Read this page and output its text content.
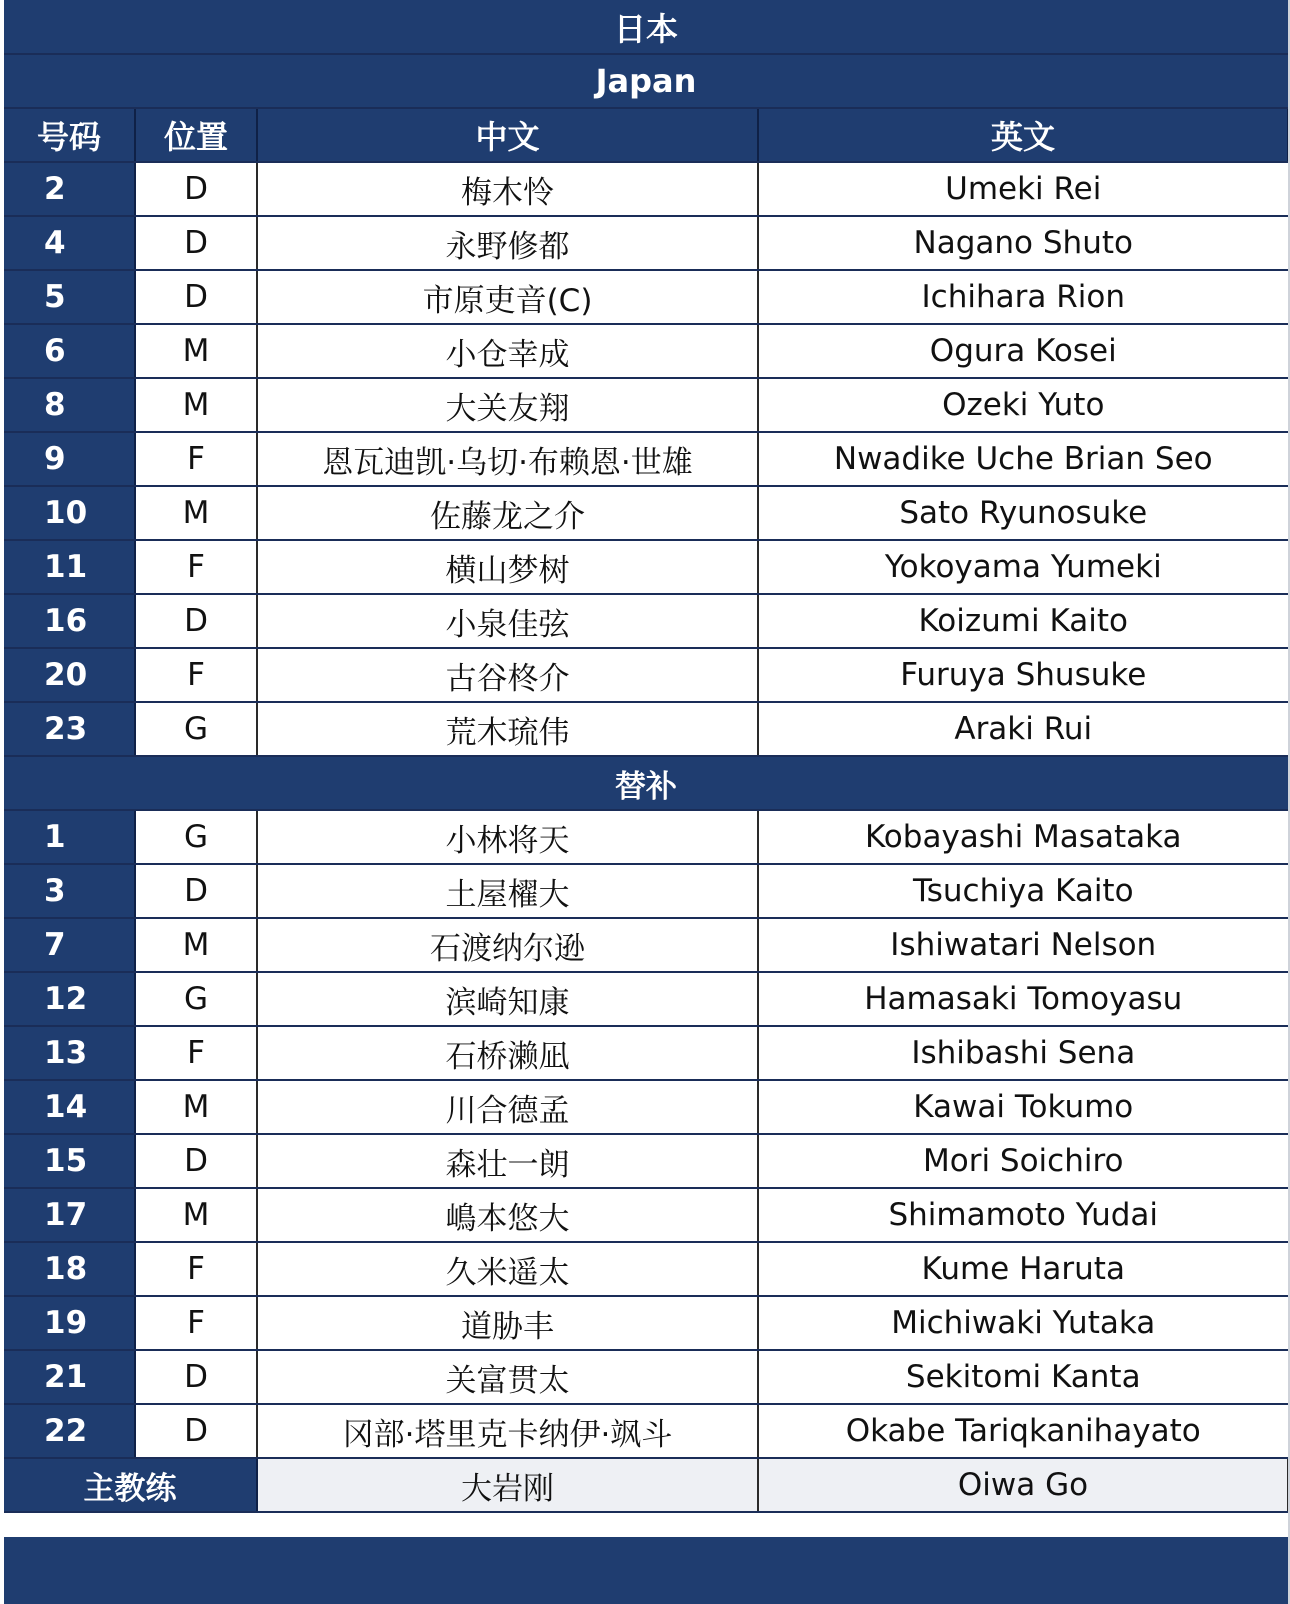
日本			
Japan			
号码	位置	中文	英文
2	D	梅木怜	Umeki Rei
4	D	永野修都	Nagano Shuto
5	D	市原吏音(C)	Ichihara Rion
6	M	小仓幸成	Ogura Kosei
8	M	大关友翔	Ozeki Yuto
9	F	恩瓦迪凯·乌切·布赖恩·世雄	Nwadike Uche Brian Seo
10	M	佐藤龙之介	Sato Ryunosuke
11	F	横山梦树	Yokoyama Yumeki
16	D	小泉佳弦	Koizumi Kaito
20	F	古谷柊介	Furuya Shusuke
23	G	荒木琉伟	Araki Rui
替补			
1	G	小林将天	Kobayashi Masataka
3	D	土屋櫂大	Tsuchiya Kaito
7	M	石渡纳尔逊	Ishiwatari Nelson
12	G	滨崎知康	Hamasaki Tomoyasu
13	F	石桥濑凪	Ishibashi Sena
14	M	川合德孟	Kawai Tokumo
15	D	森壮一朗	Mori Soichiro
17	M	嶋本悠大	Shimamoto Yudai
18	F	久米遥太	Kume Haruta
19	F	道胁丰	Michiwaki Yutaka
21	D	关富贯太	Sekitomi Kanta
22	D	冈部·塔里克卡纳伊·飒斗	Okabe Tariqkanihayato
主教练		大岩刚	Oiwa Go
